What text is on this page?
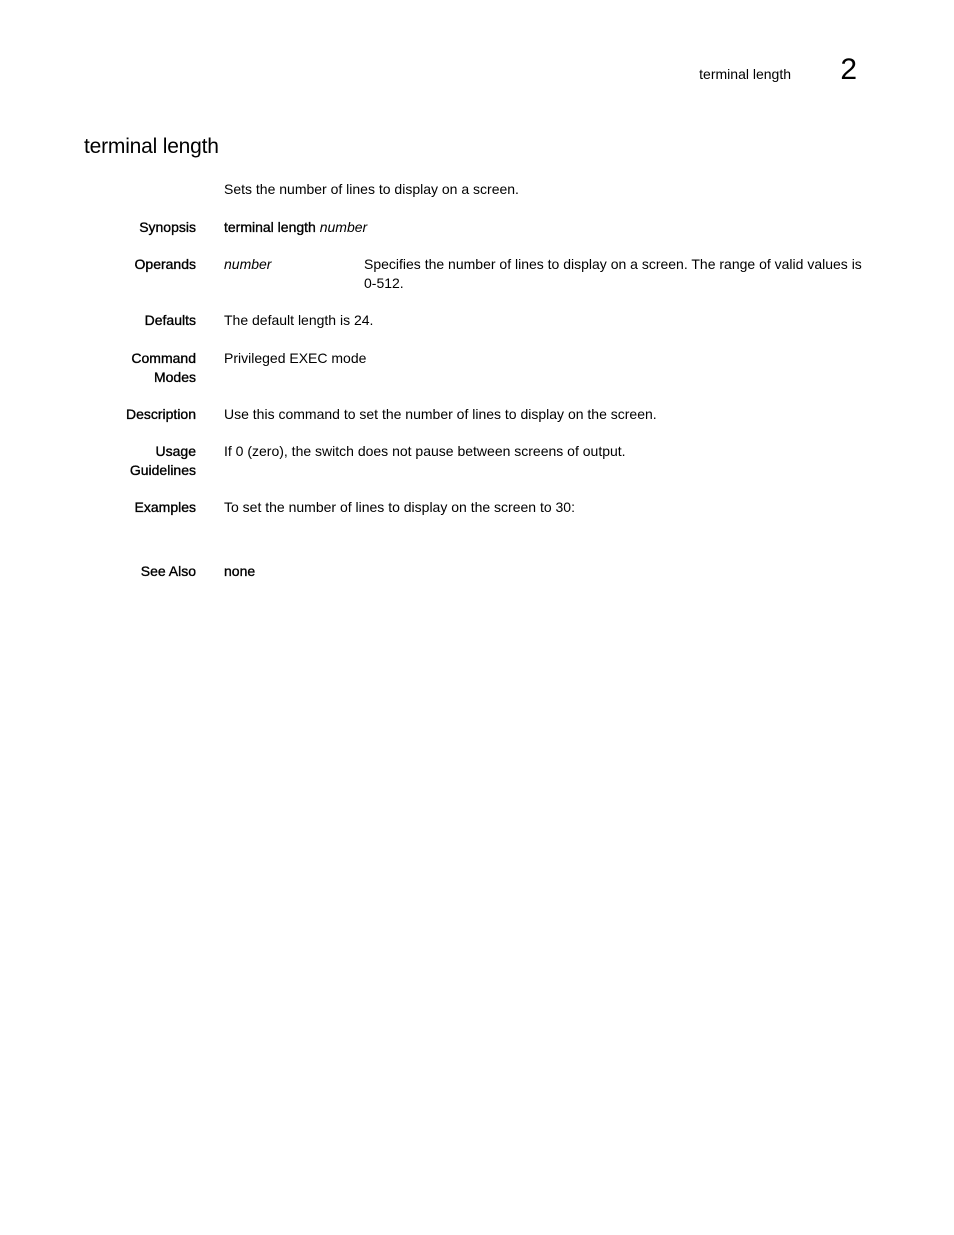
terminal length 2
terminal length
Sets the number of lines to display on a screen.
Synopsis terminal length number
Operands number	Specifies the number of lines to display on a screen. The range of valid values is 0-512.
Defaults The default length is 24.
Command
Modes
Privileged EXEC mode
Description Use this command to set the number of lines to display on the screen.
Usage
Guidelines
If 0 (zero), the switch does not pause between screens of output.
Examples To set the number of lines to display on the screen to 30:
See Also none
